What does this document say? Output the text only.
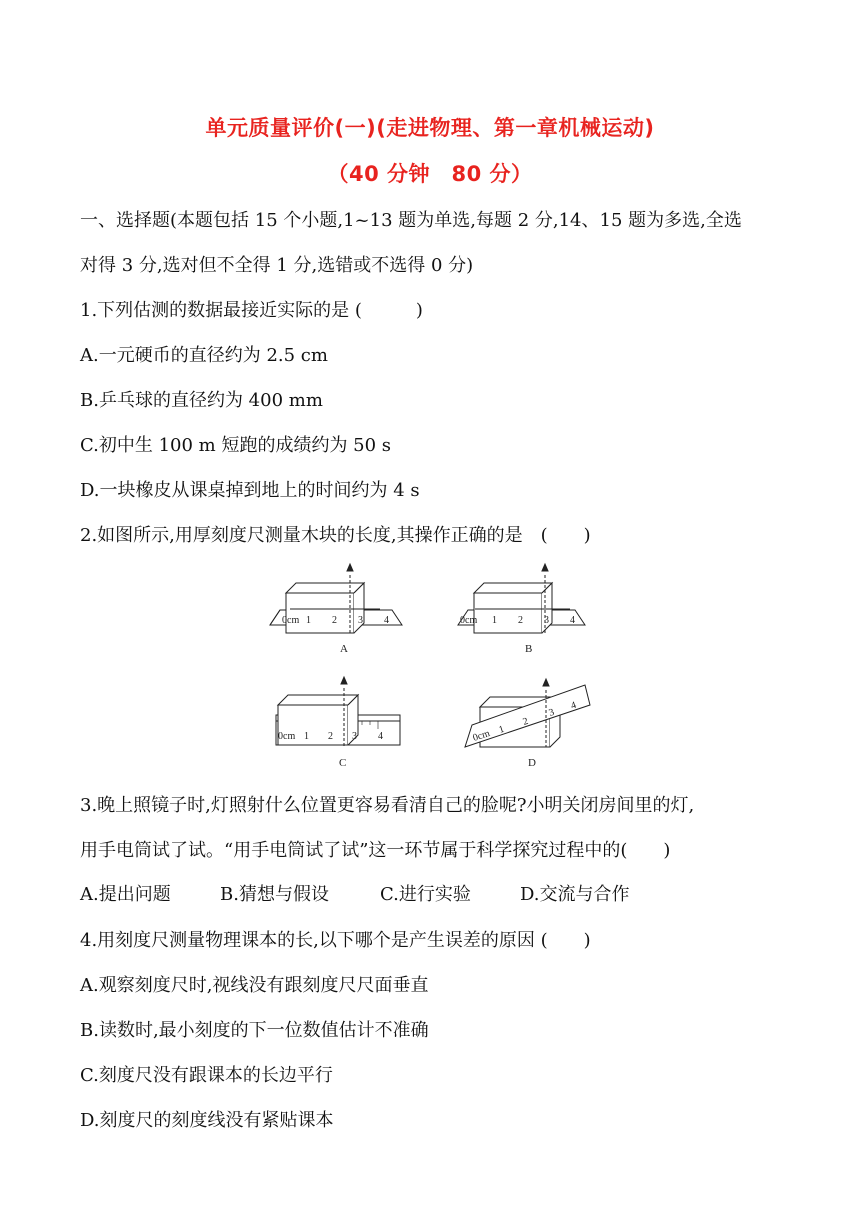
单元质量评价(一)(走进物理、第一章机械运动)
（40 分钟　80 分）
一、选择题(本题包括 15 个小题,1~13 题为单选,每题 2 分,14、15 题为多选,全选
对得 3 分,选对但不全得 1 分,选错或不选得 0 分)
1.下列估测的数据最接近实际的是 (　　　)
A.一元硬币的直径约为 2.5 cm
B.乒乓球的直径约为 400 mm
C.初中生 100 m 短跑的成绩约为 50 s
D.一块橡皮从课桌掉到地上的时间约为 4 s
2.如图所示,用厚刻度尺测量木块的长度,其操作正确的是　(　　)
0cm 1 2 3 4
A
0cm 1 2 3 4
B
0cm 1 2 3 4
C
0cm 1
2
3
4
D
3.晚上照镜子时,灯照射什么位置更容易看清自己的脸呢?小明关闭房间里的灯,
用手电筒试了试。“用手电筒试了试”这一环节属于科学探究过程中的(　　)
A.提出问题	B.猜想与假设	C.进行实验	D.交流与合作
4.用刻度尺测量物理课本的长,以下哪个是产生误差的原因 (　　)
A.观察刻度尺时,视线没有跟刻度尺尺面垂直
B.读数时,最小刻度的下一位数值估计不准确
C.刻度尺没有跟课本的长边平行
D.刻度尺的刻度线没有紧贴课本
